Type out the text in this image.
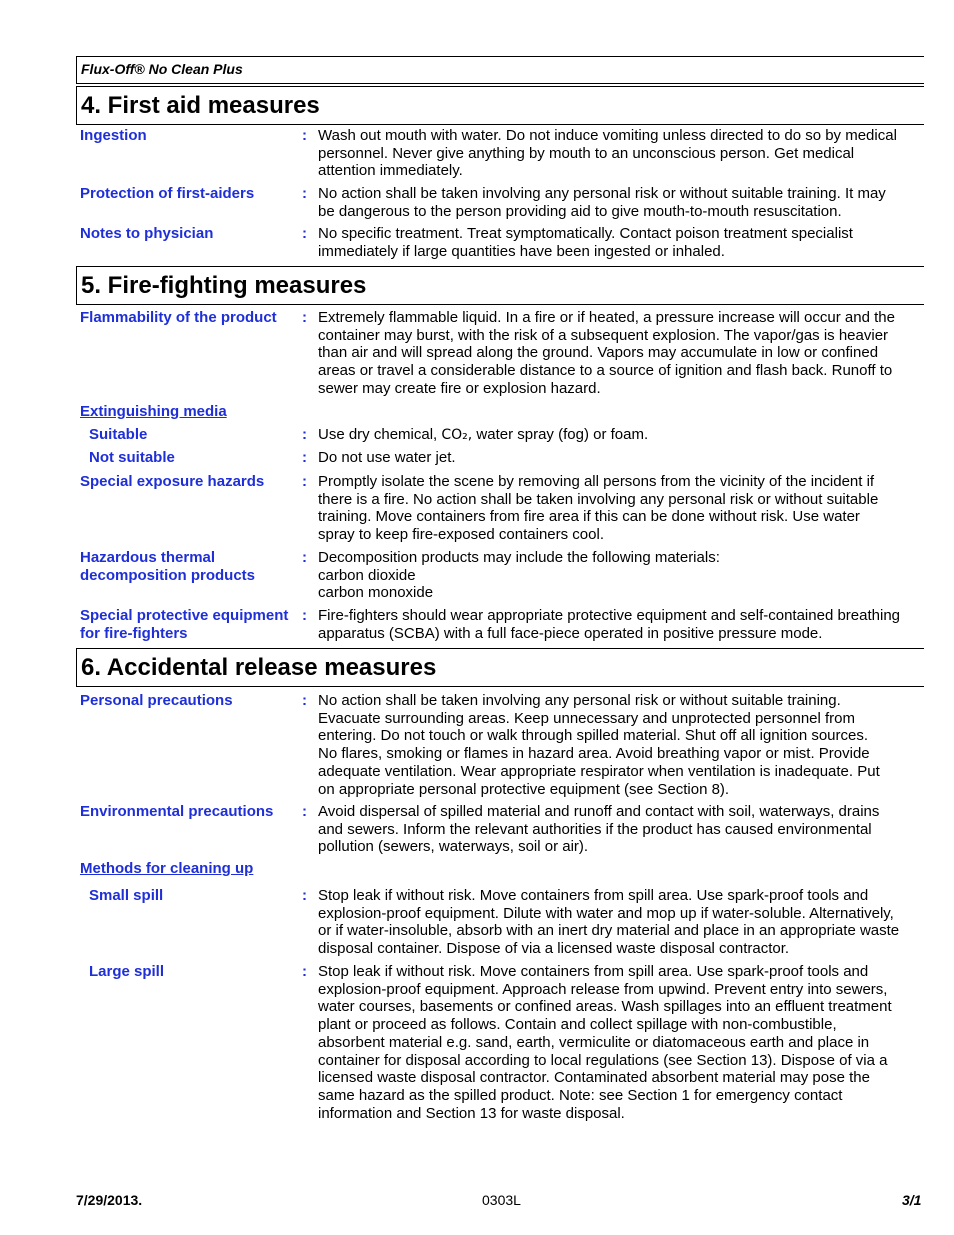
Flux-Off® No Clean Plus
4. First aid measures
Ingestion	: Wash out mouth with water. Do not induce vomiting unless directed to do so by medical
personnel. Never give anything by mouth to an unconscious person. Get medical
attention immediately.
Protection of first-aiders	: No action shall be taken involving any personal risk or without suitable training. It may
be dangerous to the person providing aid to give mouth-to-mouth resuscitation.
Notes to physician	: No specific treatment. Treat symptomatically. Contact poison treatment specialist
immediately if large quantities have been ingested or inhaled.
5. Fire-fighting measures
Flammability of the product	: Extremely flammable liquid. In a fire or if heated, a pressure increase will occur and the
container may burst, with the risk of a subsequent explosion. The vapor/gas is heavier
than air and will spread along the ground. Vapors may accumulate in low or confined
areas or travel a considerable distance to a source of ignition and flash back. Runoff to
sewer may create fire or explosion hazard.
Extinguishing media
Suitable	: Use dry chemical, CO₂, water spray (fog) or foam.
Not suitable	: Do not use water jet.
Special exposure hazards	: Promptly isolate the scene by removing all persons from the vicinity of the incident if
there is a fire. No action shall be taken involving any personal risk or without suitable
training. Move containers from fire area if this can be done without risk. Use water
spray to keep fire-exposed containers cool.
Hazardous thermal decomposition products
: Decomposition products may include the following materials:
carbon dioxide
carbon monoxide
Special protective equipment for fire-fighters
: Fire-fighters should wear appropriate protective equipment and self-contained breathing
apparatus (SCBA) with a full face-piece operated in positive pressure mode.
6. Accidental release measures
Personal precautions	: No action shall be taken involving any personal risk or without suitable training.
Evacuate surrounding areas. Keep unnecessary and unprotected personnel from
entering. Do not touch or walk through spilled material. Shut off all ignition sources.
No flares, smoking or flames in hazard area. Avoid breathing vapor or mist. Provide
adequate ventilation. Wear appropriate respirator when ventilation is inadequate. Put
on appropriate personal protective equipment (see Section 8).
Environmental precautions	: Avoid dispersal of spilled material and runoff and contact with soil, waterways, drains
and sewers. Inform the relevant authorities if the product has caused environmental
pollution (sewers, waterways, soil or air).
Methods for cleaning up
Small spill	: Stop leak if without risk. Move containers from spill area. Use spark-proof tools and
explosion-proof equipment. Dilute with water and mop up if water-soluble. Alternatively,
or if water-insoluble, absorb with an inert dry material and place in an appropriate waste
disposal container. Dispose of via a licensed waste disposal contractor.
Large spill	: Stop leak if without risk. Move containers from spill area. Use spark-proof tools and
explosion-proof equipment. Approach release from upwind. Prevent entry into sewers,
water courses, basements or confined areas. Wash spillages into an effluent treatment
plant or proceed as follows. Contain and collect spillage with non-combustible,
absorbent material e.g. sand, earth, vermiculite or diatomaceous earth and place in
container for disposal according to local regulations (see Section 13). Dispose of via a
licensed waste disposal contractor. Contaminated absorbent material may pose the
same hazard as the spilled product. Note: see Section 1 for emergency contact
information and Section 13 for waste disposal.
7/29/2013.	0303L	3/1
